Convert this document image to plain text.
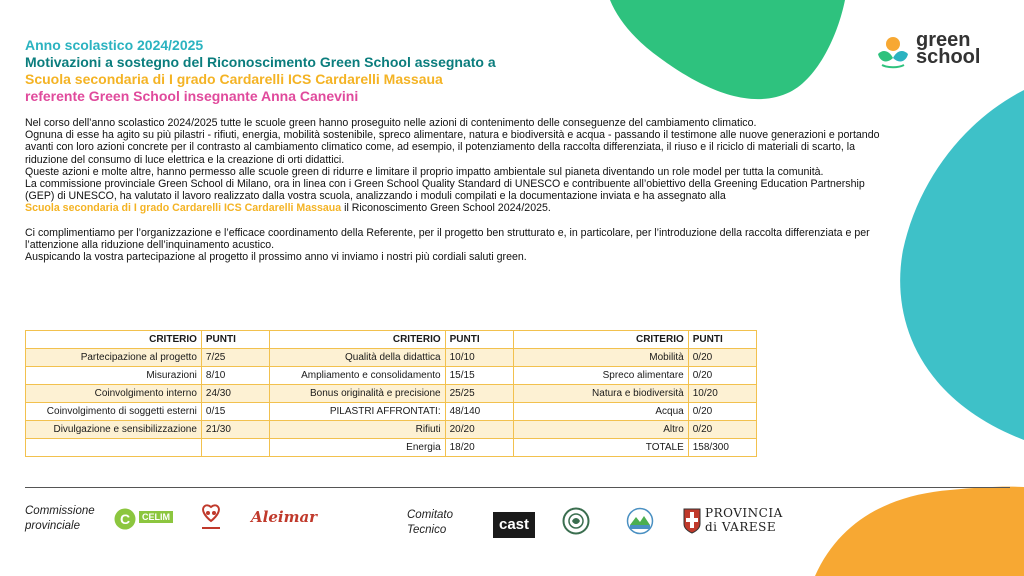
Anno scolastico 2024/2025
Motivazioni a sostegno del Riconoscimento Green School assegnato a
Scuola secondaria di I grado Cardarelli ICS Cardarelli Massaua
referente Green School insegnante Anna Canevini
green
school

Nel corso dell’anno scolastico 2024/2025 tutte le scuole green hanno proseguito nelle azioni di contenimento delle conseguenze del cambiamento climatico.

Ognuna di esse ha agito su più pilastri - rifiuti, energia, mobilità sostenibile, spreco alimentare, natura e biodiversità e acqua - passando il testimone alle nuove generazioni e portando avanti con loro azioni concrete per il contrasto al cambiamento climatico come, ad esempio, il potenziamento della raccolta differenziata, il riuso e il riciclo di materiali di scarto, la riduzione del consumo di luce elettrica e la creazione di orti didattici.

Queste azioni e molte altre, hanno permesso alle scuole green di ridurre e limitare il proprio impatto ambientale sul pianeta diventando un role model per tutta la comunità.

La commissione provinciale Green School di Milano, ora in linea con i Green School Quality Standard di UNESCO e contribuente all’obiettivo della Greening Education Partnership (GEP) di UNESCO, ha valutato il lavoro realizzato dalla vostra scuola, analizzando i moduli compilati e la documentazione inviata e ha assegnato alla
Scuola secondaria di I grado Cardarelli ICS Cardarelli Massaua il Riconoscimento Green School 2024/2025.

Ci complimentiamo per l’organizzazione e l’efficace coordinamento della Referente, per il progetto ben strutturato e, in particolare, per l’introduzione della raccolta differenziata e per l’attenzione alla riduzione dell’inquinamento acustico.

Auspicando la vostra partecipazione al progetto il prossimo anno vi inviamo i nostri più cordiali saluti green.

CRITERIO	PUNTI	CRITERIO	PUNTI	CRITERIO	PUNTI
Partecipazione al progetto	7/25	Qualità della didattica	10/10	Mobilità	0/20
Misurazioni	8/10	Ampliamento e consolidamento	15/15	Spreco alimentare	0/20
Coinvolgimento interno	24/30	Bonus originalità e precisione	25/25	Natura e biodiversità	10/20
Coinvolgimento di soggetti esterni	0/15	PILASTRI AFFRONTATI:	48/140	Acqua	0/20
Divulgazione e sensibilizzazione	21/30	Rifiuti	20/20	Altro	0/20
		Energia	18/20	TOTALE	158/300
Commissione provinciale	C	CELIM	Aleimar	Comitato Tecnico	cast
PROVINCIA
di VARESE
